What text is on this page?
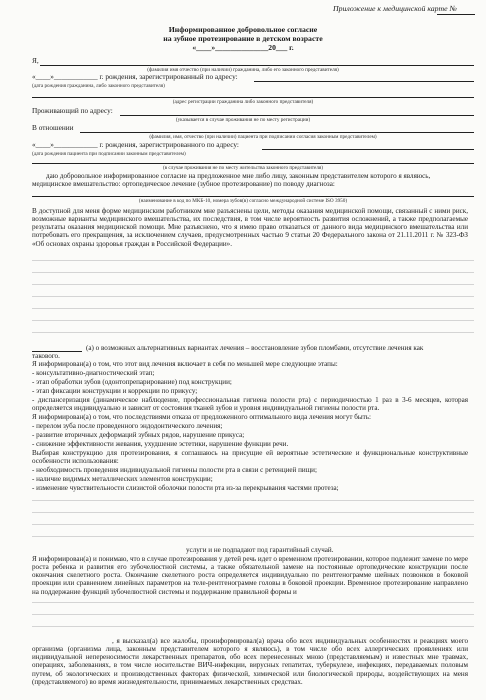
Приложение к медицинской карте №
Информированное добровольное согласие
на зубное протезирование в детском возрасте
«____»______________20___ г.
Я,
(фамилия имя отчество (при наличии) гражданина, либо его законного представителя)
«____»____________ г. рождения, зарегистрированный по адресу:
(дата рождения гражданина, либо законного представителя)
(адрес регистрации гражданина либо законного представителя)
Проживающий по адресу:
(указывается в случае проживания не по месту регистрации)
В отношении
(фамилия, имя, отчество (при наличии) пациента при подписании согласия законным представителем)
«____»____________ г. рождения, зарегистрированного по адресу:
(дата рождения пациента при подписании законным представителем)
(в случае проживания не по месту жительства законного представителя)
даю добровольное информированное согласие на предложенное мне либо лицу, законным представителем которого я являюсь,
медицинское вмешательство: ортопедическое лечение (зубное протезирование) по поводу диагноза:
(наименование в код по МКБ-10, номера зубов(в) согласно международной системе ISO 3950)

В доступной для меня форме медицинским работником мне разъяснены цели, методы оказания медицинской помощи, связанный с ними риск, возможные варианты медицинского вмешательства, их последствия, в том числе вероятность развития осложнений, а также предполагаемые результаты оказания медицинской помощи. Мне разъяснено, что я имею право отказаться от данного вида медицинского вмешательства или потребовать его прекращения, за исключением случаев, предусмотренных частью 9 статьи 20 Федерального закона от 21.11.2011 г. № 323-ФЗ «Об основах охраны здоровья граждан в Российской Федерации».

(а) о возможных альтернативных вариантах лечения – восстановление зубов пломбами, отсутствие лечения как
такового.
Я информирован(а) о том, что этот вид лечения включает в себя по меньшей мере следующие этапы:
- консультативно-диагностический этап;
- этап обработки зубов (одонтопрепарирование) под конструкции;
- этап фиксации конструкции и коррекции по прикусу;

- диспансеризация (динамическое наблюдение, профессиональная гигиена полости рта) с периодичностью 1 раз в 3-6 месяцев, которая определяется индивидуально и зависит от состояния тканей зубов и уровня индивидуальной гигиены полости рта.

Я информирован(а) о том, что последствиями отказа от предложенного оптимального вида лечения могут быть:
- перелом зуба после проведенного эндодонтического лечения;
- развитие вторичных деформаций зубных рядов, нарушение прикуса;
- снижение эффективности жевания, ухудшение эстетики, нарушение функции речи.

Выбирая конструкцию для протезирования, я соглашаюсь на присущие ей вероятные эстетические и функциональные конструктивные особенности использования:

- необходимость проведения индивидуальной гигиены полости рта в связи с ретенцией пищи;
- наличие видимых металлических элементов конструкции;
- изменение чувствительности слизистой оболочки полости рта из-за перекрывания частями протеза;
услуги и не подпадают под гарантийный случай.

Я информирован(а) и понимаю, что в случае протезирования у детей речь идет о временном протезировании, которое подлежит замене по мере роста ребенка и развития его зубочелюстной системы, а также обязательной замене на постоянные ортопедические конструкции после окончания скелетного роста. Окончание скелетного роста определяется индивидуально по рентгенограмме шейных позвонков в боковой проекции или сравнением линейных параметров на теле-рентгенограмме головы в боковой проекции. Временное протезирование направлено на поддержание функций зубочелюстной системы и поддержание правильной формы и

, я высказал(а) все жалобы, проинформировал(а) врача обо всех индивидуальных особенностях и реакциях моего организма (организма лица, законным представителем которого я являюсь), в том числе обо всех аллергических проявлениях или индивидуальной непереносимости лекарственных препаратов, обо всех перенесенных мною (представляемым) и известных мне травмах, операциях, заболеваниях, в том числе носительстве ВИЧ-инфекции, вирусных гепатитах, туберкулезе, инфекциях, передаваемых половым путем, об экологических и производственных факторах физической, химической или биологической природы, воздействующих на меня (представляемого) во время жизнедеятельности, принимаемых лекарственных средствах.
